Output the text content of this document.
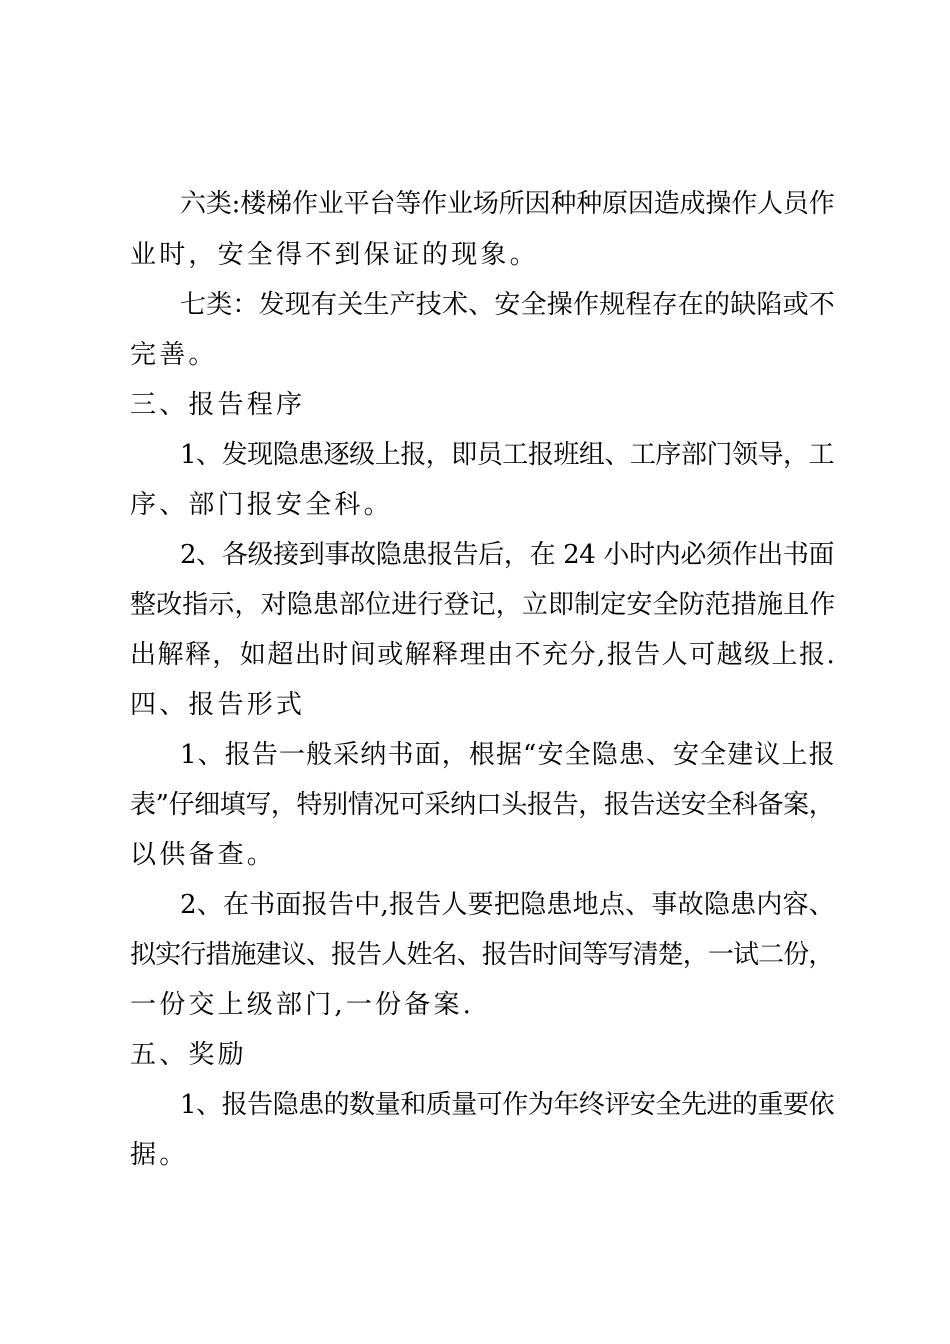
六类:楼梯作业平台等作业场所因种种原因造成操作人员作
业时，安全得不到保证的现象。
七类：发现有关生产技术、安全操作规程存在的缺陷或不
完善。
三、报告程序
1、发现隐患逐级上报，即员工报班组、工序部门领导，工
序、部门报安全科。
2、各级接到事故隐患报告后，在 24 小时内必须作出书面
整改指示，对隐患部位进行登记，立即制定安全防范措施且作
出解释，如超出时间或解释理由不充分,报告人可越级上报.
四、报告形式
1、报告一般采纳书面，根据“安全隐患、安全建议上报
表”仔细填写，特别情况可采纳口头报告，报告送安全科备案，
以供备查。
2、在书面报告中,报告人要把隐患地点、事故隐患内容、
拟实行措施建议、报告人姓名、报告时间等写清楚，一试二份，
一份交上级部门,一份备案.
五、奖励
1、报告隐患的数量和质量可作为年终评安全先进的重要依
据。
